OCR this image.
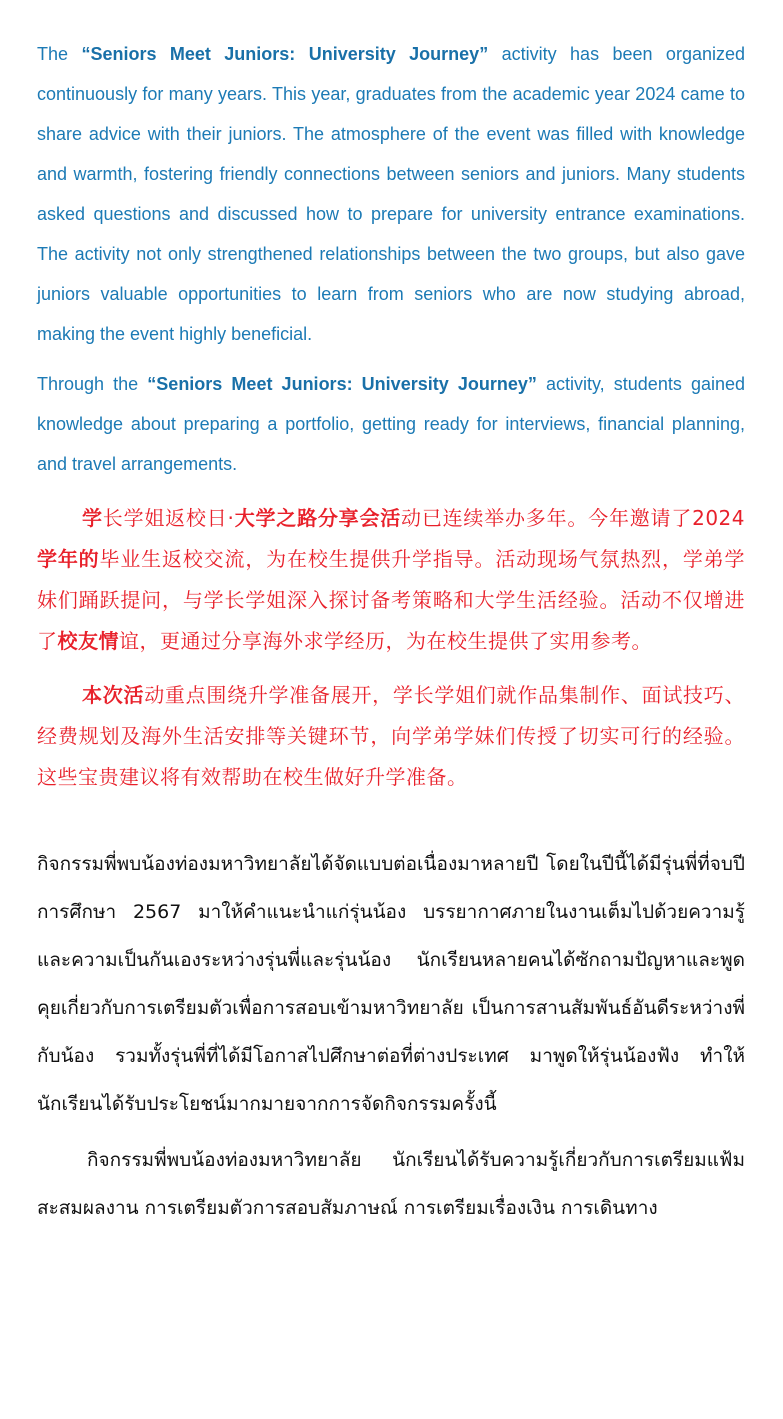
The “Seniors Meet Juniors: University Journey” activity has been organized continuously for many years. This year, graduates from the academic year 2024 came to share advice with their juniors. The atmosphere of the event was filled with knowledge and warmth, fostering friendly connections between seniors and juniors. Many students asked questions and discussed how to prepare for university entrance examinations. The activity not only strengthened relationships between the two groups, but also gave juniors valuable opportunities to learn from seniors who are now studying abroad, making the event highly beneficial.

Through the “Seniors Meet Juniors: University Journey” activity, students gained knowledge about preparing a portfolio, getting ready for interviews, financial planning, and travel arrangements.

学长学姐返校日·大学之路分享会活动已连续举办多年。今年邀请了2024学年的毕业生返校交流，为在校生提供升学指导。活动现场气氛热烈，学弟学妹们踊跃提问，与学长学姐深入探讨备考策略和大学生活经验。活动不仅增进了校友情谊，更通过分享海外求学经历，为在校生提供了实用参考。

本次活动重点围绕升学准备展开，学长学姐们就作品集制作、面试技巧、经费规划及海外生活安排等关键环节，向学弟学妹们传授了切实可行的经验。这些宝贵建议将有效帮助在校生做好升学准备。

กิจกรรมพี่พบน้องท่องมหาวิทยาลัยได้จัดแบบต่อเนื่องมาหลายปี โดยในปีนี้ได้มีรุ่นพี่ที่จบปีการศึกษา 2567 มาให้คำแนะนำแก่รุ่นน้อง บรรยากาศภายในงานเต็มไปด้วยความรู้และความเป็นกันเองระหว่างรุ่นพี่และรุ่นน้อง นักเรียนหลายคนได้ซักถามปัญหาและพูดคุยเกี่ยวกับการเตรียมตัวเพื่อการสอบเข้ามหาวิทยาลัย เป็นการสานสัมพันธ์อันดีระหว่างพี่กับน้อง รวมทั้งรุ่นพี่ที่ได้มีโอกาสไปศึกษาต่อที่ต่างประเทศ มาพูดให้รุ่นน้องฟัง ทำให้นักเรียนได้รับประโยชน์มากมายจากการจัดกิจกรรมครั้งนี้

กิจกรรมพี่พบน้องท่องมหาวิทยาลัย นักเรียนได้รับความรู้เกี่ยวกับการเตรียมแฟ้มสะสมผลงาน การเตรียมตัวการสอบสัมภาษณ์ การเตรียมเรื่องเงิน การเดินทาง
